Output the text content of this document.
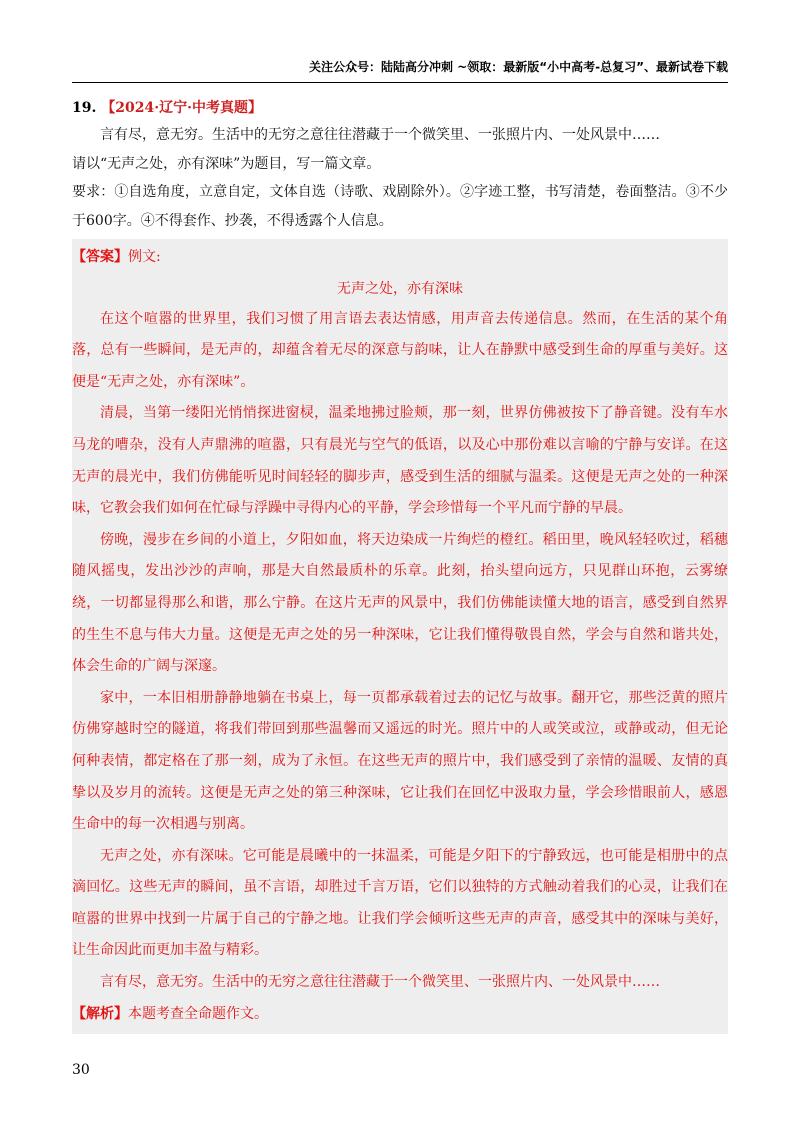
关注公众号：陆陆高分冲刺 ~领取：最新版“小中高考-总复习”、最新试卷下载
19. 【2024·辽宁·中考真题】

言有尽，意无穷。生活中的无穷之意往往潜藏于一个微笑里、一张照片内、一处风景中……

请以“无声之处，亦有深味”为题目，写一篇文章。

要求：①自选角度，立意自定，文体自选（诗歌、戏剧除外）。②字迹工整，书写清楚，卷面整洁。③不少于600字。④不得套作、抄袭，不得透露个人信息。

【答案】例文:

无声之处，亦有深味

在这个喧嚣的世界里，我们习惯了用言语去表达情感，用声音去传递信息。然而，在生活的某个角落，总有一些瞬间，是无声的，却蕴含着无尽的深意与韵味，让人在静默中感受到生命的厚重与美好。这便是“无声之处，亦有深味”。

清晨，当第一缕阳光悄悄探进窗棂，温柔地拂过脸颊，那一刻，世界仿佛被按下了静音键。没有车水马龙的嘈杂，没有人声鼎沸的喧嚣，只有晨光与空气的低语，以及心中那份难以言喻的宁静与安详。在这无声的晨光中，我们仿佛能听见时间轻轻的脚步声，感受到生活的细腻与温柔。这便是无声之处的一种深味，它教会我们如何在忙碌与浮躁中寻得内心的平静，学会珍惜每一个平凡而宁静的早晨。

傍晚，漫步在乡间的小道上，夕阳如血，将天边染成一片绚烂的橙红。稻田里，晚风轻轻吹过，稻穗随风摇曳，发出沙沙的声响，那是大自然最质朴的乐章。此刻，抬头望向远方，只见群山环抱，云雾缭绕，一切都显得那么和谐，那么宁静。在这片无声的风景中，我们仿佛能读懂大地的语言，感受到自然界的生生不息与伟大力量。这便是无声之处的另一种深味，它让我们懂得敬畏自然，学会与自然和谐共处，体会生命的广阔与深邃。

家中，一本旧相册静静地躺在书桌上，每一页都承载着过去的记忆与故事。翻开它，那些泛黄的照片仿佛穿越时空的隧道，将我们带回到那些温馨而又遥远的时光。照片中的人或笑或泣，或静或动，但无论何种表情，都定格在了那一刻，成为了永恒。在这些无声的照片中，我们感受到了亲情的温暖、友情的真挚以及岁月的流转。这便是无声之处的第三种深味，它让我们在回忆中汲取力量，学会珍惜眼前人，感恩生命中的每一次相遇与别离。

无声之处，亦有深味。它可能是晨曦中的一抹温柔，可能是夕阳下的宁静致远，也可能是相册中的点滴回忆。这些无声的瞬间，虽不言语，却胜过千言万语，它们以独特的方式触动着我们的心灵，让我们在喧嚣的世界中找到一片属于自己的宁静之地。让我们学会倾听这些无声的声音，感受其中的深味与美好，让生命因此而更加丰盈与精彩。

言有尽，意无穷。生活中的无穷之意往往潜藏于一个微笑里、一张照片内、一处风景中……

【解析】本题考查全命题作文。

30
